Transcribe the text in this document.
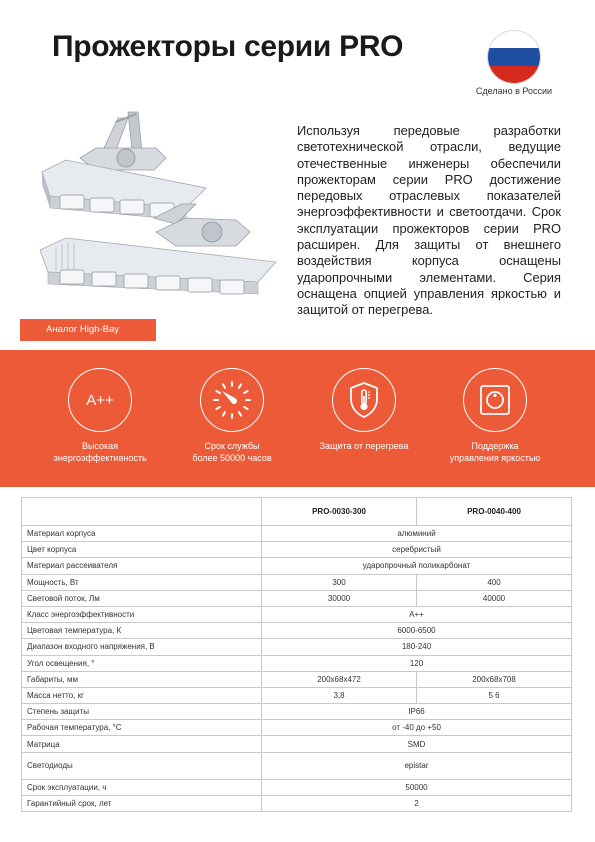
Прожекторы серии PRO
Сделано в России

Используя передовые разработки светотехнической отрасли, ведущие отечественные инженеры обеспечили прожекторам серии PRO достижение передовых отраслевых показателей энергоэффективности и светоотдачи. Срок эксплуатации прожекторов серии PRO расширен. Для защиты от внешнего воздействия корпуса оснащены ударопрочными элементами. Серия оснащена опцией управления яркостью и защитой от перегрева.

Аналог High-Bay
A++
Высокая
энергоэффективность
Срок службы
более 50000 часов
Защита от перегрева	Поддержка
управления яркостью
	PRO-0030-300	PRO-0040-400
Материал корпуса	алюминий	
Цвет корпуса	серебристый	
Материал рассеивателя	ударопрочный поликарбонат	
Мощность, Вт	300	400
Световой поток, Лм	30000	40000
Класс энергоэффективности	A++	
Цветовая температура, К	6000-6500	
Диапазон входного напряжения, В	180-240	
Угол освещения, °	120	
Габариты, мм	200x68x472	200x68x708
Масса нетто, кг	3,8	5 6
Степень защиты	IP66	
Рабочая температура, °С	от -40 до +50	
Матрица	SMD	
Светодиоды	epistar	
Срок эксплуатации, ч	50000	
Гарантийный срок, лет	2	
